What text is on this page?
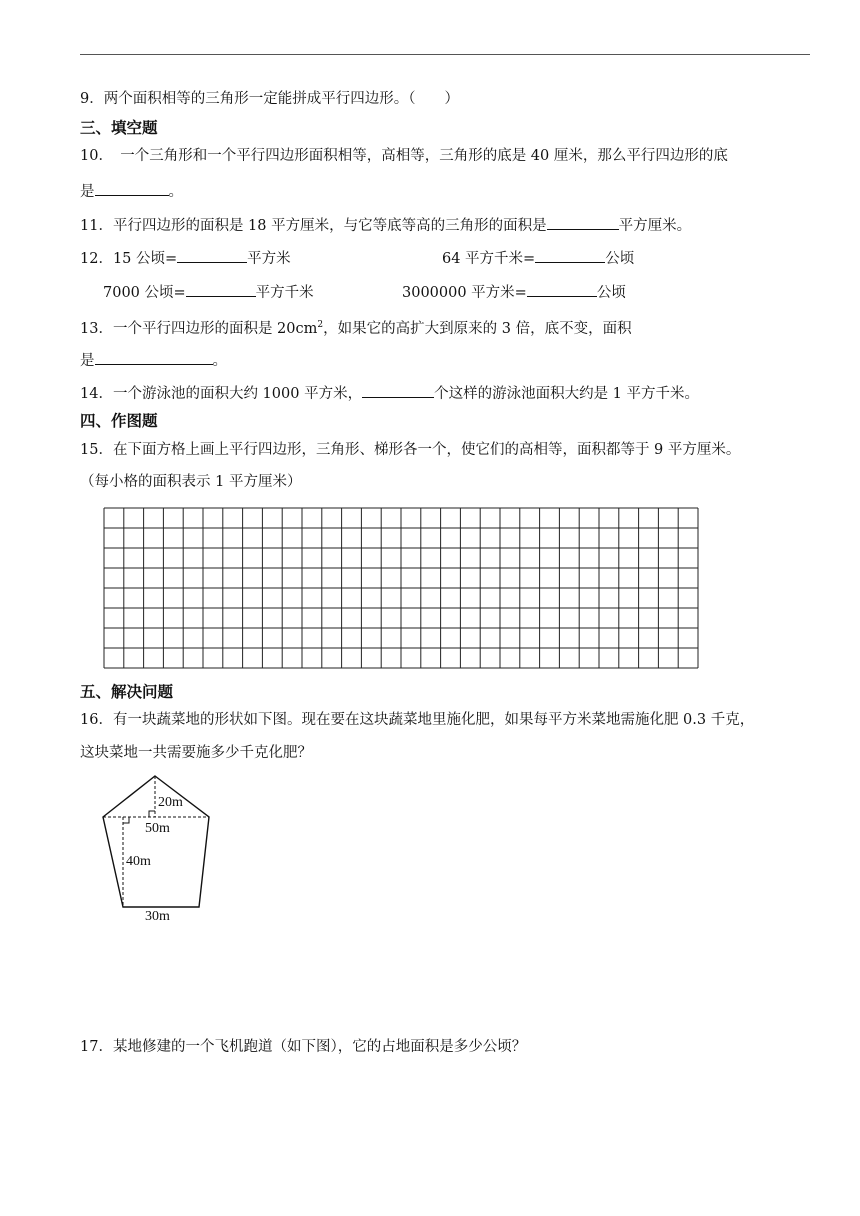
9．两个面积相等的三角形一定能拼成平行四边形。（　　）
三、填空题
10．　一个三角形和一个平行四边形面积相等，高相等，三角形的底是 40 厘米，那么平行四边形的底
是	。
11．平行四边形的面积是 18 平方厘米，与它等底等高的三角形的面积是	平方厘米。
12．15 公顷=	平方米	64 平方千米=	公顷
7000 公顷=	平方千米	3000000 平方米=	公顷
13．一个平行四边形的面积是 $20cm^2$，如果它的高扩大到原来的 3 倍，底不变，面积
是	。
14．一个游泳池的面积大约 1000 平方米，	个这样的游泳池面积大约是 1 平方千米。
四、作图题
15．在下面方格上画上平行四边形，三角形、梯形各一个，使它们的高相等，面积都等于 9 平方厘米。
（每小格的面积表示 1 平方厘米）
五、解决问题
16．有一块蔬菜地的形状如下图。现在要在这块蔬菜地里施化肥，如果每平方米菜地需施化肥 0.3 千克，
这块菜地一共需要施多少千克化肥？
20m
50m
40m
30m
17．某地修建的一个飞机跑道（如下图），它的占地面积是多少公顷？
